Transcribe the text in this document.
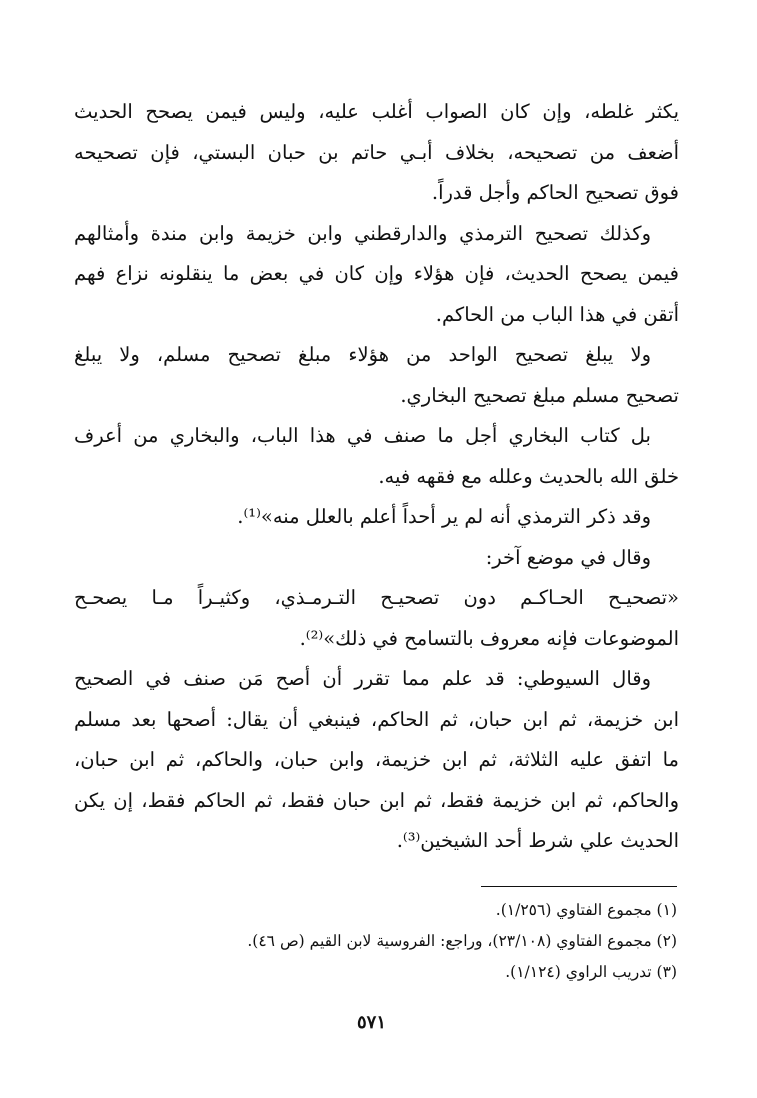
يكثر غلطه، وإن كان الصواب أغلب عليه، وليس فيمن يصحح الحديث
أضعف من تصحيحه، بخلاف أبـي حاتم بن حبان البستي، فإن تصحيحه
فوق تصحيح الحاكم وأجل قدراً.
وكذلك تصحيح الترمذي والدارقطني وابن خزيمة وابن مندة وأمثالهم
فيمن يصحح الحديث، فإن هؤلاء وإن كان في بعض ما ينقلونه نزاع فهم
أتقن في هذا الباب من الحاكم.
ولا يبلغ تصحيح الواحد من هؤلاء مبلغ تصحيح مسلم، ولا يبلغ
تصحيح مسلم مبلغ تصحيح البخاري.
بل كتاب البخاري أجل ما صنف في هذا الباب، والبخاري من أعرف
خلق الله بالحديث وعلله مع فقهه فيه.
وقد ذكر الترمذي أنه لم ير أحداً أعلم بالعلل منه»⁽¹⁾.
وقال في موضع آخر:
«تصحيـح الحـاكـم دون تصحيـح التـرمـذي، وكثيـراً مـا يصحـح
الموضوعات فإنه معروف بالتسامح في ذلك»⁽²⁾.
وقال السيوطي: قد علم مما تقرر أن أصح مَن صنف في الصحيح
ابن خزيمة، ثم ابن حبان، ثم الحاكم، فينبغي أن يقال: أصحها بعد مسلم
ما اتفق عليه الثلاثة، ثم ابن خزيمة، وابن حبان، والحاكم، ثم ابن حبان،
والحاكم، ثم ابن خزيمة فقط، ثم ابن حبان فقط، ثم الحاكم فقط، إن يكن
الحديث علي شرط أحد الشيخين⁽³⁾.
(١) مجموع الفتاوي (١/٢٥٦).
(٢) مجموع الفتاوي (٢٣/١٠٨)، وراجع: الفروسية لابن القيم (ص ٤٦).
(٣) تدريب الراوي (١/١٢٤).
٥٧١
